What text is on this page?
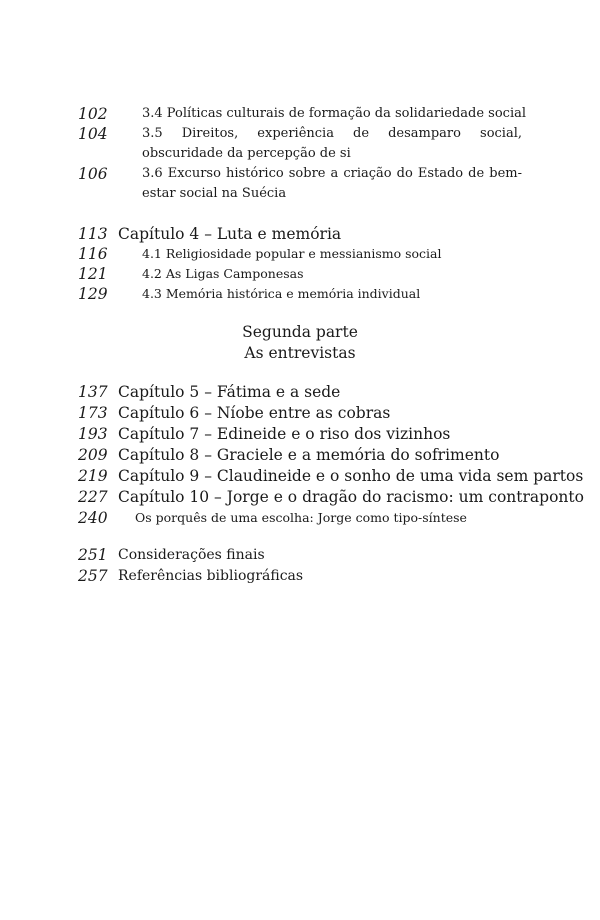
102	3.4 Políticas culturais de formação da solidariedade social
104	3.5 Direitos, experiência de desamparo social, obscuridade da percepção de si
106	3.6 Excurso histórico sobre a criação do Estado de bem-estar social na Suécia
113 Capítulo 4 – Luta e memória
116	4.1 Religiosidade popular e messianismo social
121	4.2 As Ligas Camponesas
129	4.3 Memória histórica e memória individual
Segunda parte
As entrevistas
137 Capítulo 5 – Fátima e a sede
173 Capítulo 6 – Níobe entre as cobras
193 Capítulo 7 – Edineide e o riso dos vizinhos
209 Capítulo 8 – Graciele e a memória do sofrimento
219 Capítulo 9 – Claudineide e o sonho de uma vida sem partos
227 Capítulo 10 – Jorge e o dragão do racismo: um contraponto
240	Os porquês de uma escolha: Jorge como tipo-síntese
251 Considerações finais
257 Referências bibliográficas
